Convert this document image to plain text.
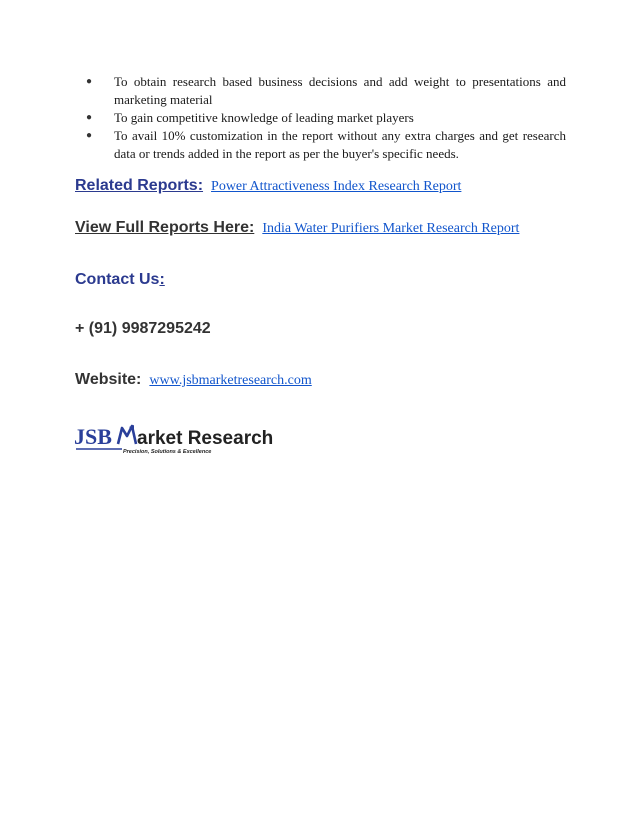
● To obtain research based business decisions and add weight to presentations and marketing material
● To gain competitive knowledge of leading market players
● To avail 10% customization in the report without any extra charges and get research data or trends added in the report as per the buyer's specific needs.
Related Reports: Power Attractiveness Index Research Report
View Full Reports Here: India Water Purifiers Market Research Report
Contact Us:
+ (91) 9987295242
Website: www.jsbmarketresearch.com
JSB arket Research
Precision, Solutions & Excellence
